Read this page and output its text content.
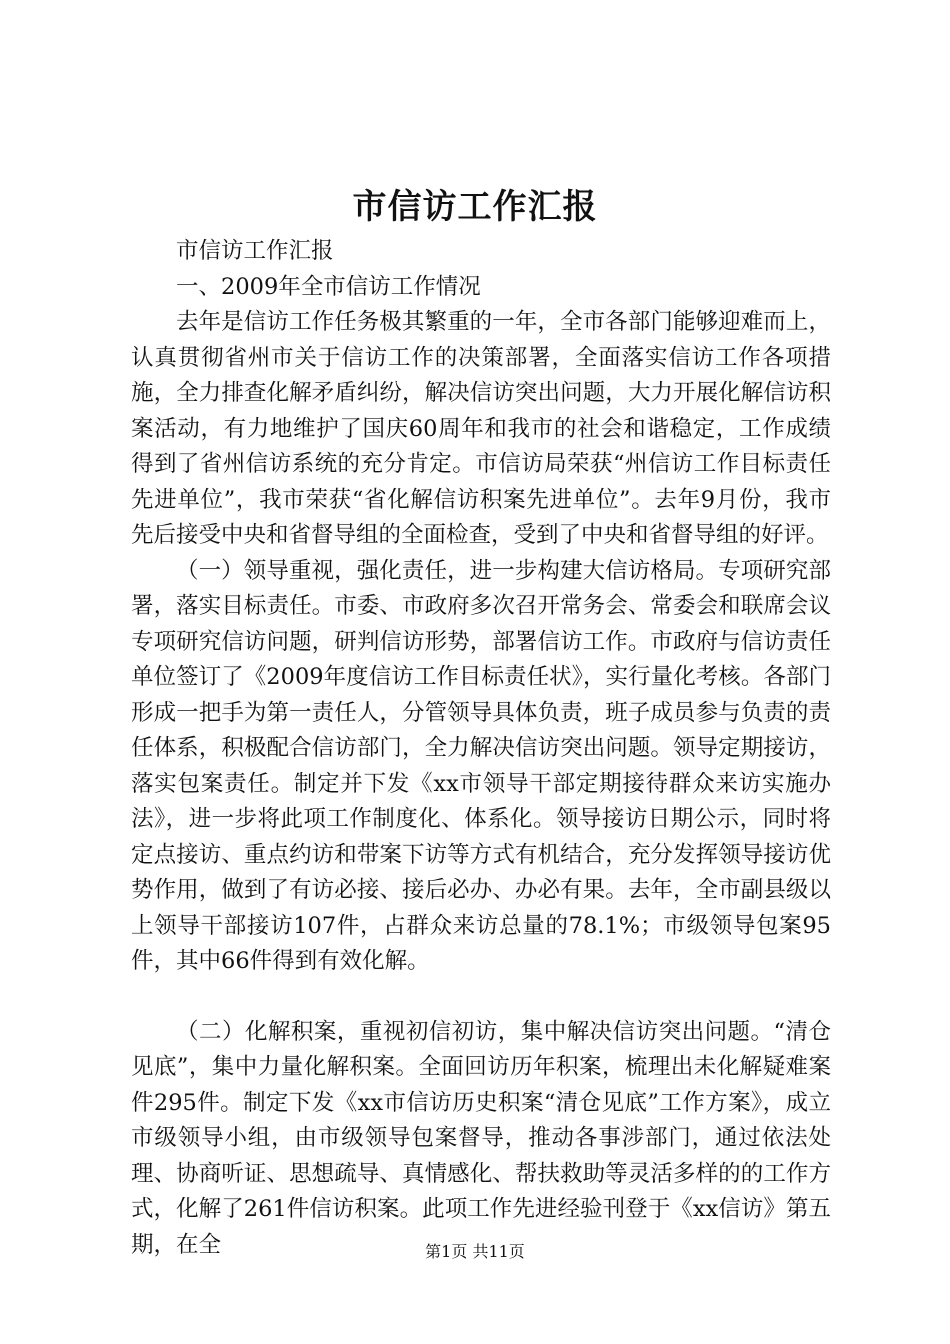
市信访工作汇报

市信访工作汇报

一、2009年全市信访工作情况

去年是信访工作任务极其繁重的一年，全市各部门能够迎难而上，认真贯彻省州市关于信访工作的决策部署，全面落实信访工作各项措施，全力排查化解矛盾纠纷，解决信访突出问题，大力开展化解信访积案活动，有力地维护了国庆60周年和我市的社会和谐稳定，工作成绩得到了省州信访系统的充分肯定。市信访局荣获“州信访工作目标责任先进单位”，我市荣获“省化解信访积案先进单位”。去年9月份，我市先后接受中央和省督导组的全面检查，受到了中央和省督导组的好评。

（一）领导重视，强化责任，进一步构建大信访格局。专项研究部署，落实目标责任。市委、市政府多次召开常务会、常委会和联席会议专项研究信访问题，研判信访形势，部署信访工作。市政府与信访责任单位签订了《2009年度信访工作目标责任状》，实行量化考核。各部门形成一把手为第一责任人，分管领导具体负责，班子成员参与负责的责任体系，积极配合信访部门，全力解决信访突出问题。领导定期接访，落实包案责任。制定并下发《xx市领导干部定期接待群众来访实施办法》，进一步将此项工作制度化、体系化。领导接访日期公示，同时将定点接访、重点约访和带案下访等方式有机结合，充分发挥领导接访优势作用，做到了有访必接、接后必办、办必有果。去年，全市副县级以上领导干部接访107件，占群众来访总量的78.1%；市级领导包案95件，其中66件得到有效化解。

（二）化解积案，重视初信初访，集中解决信访突出问题。“清仓见底”，集中力量化解积案。全面回访历年积案，梳理出未化解疑难案件295件。制定下发《xx市信访历史积案“清仓见底”工作方案》，成立市级领导小组，由市级领导包案督导，推动各事涉部门，通过依法处理、协商听证、思想疏导、真情感化、帮扶救助等灵活多样的的工作方式，化解了261件信访积案。此项工作先进经验刊登于《xx信访》第五期，在全	第1页 共11页
